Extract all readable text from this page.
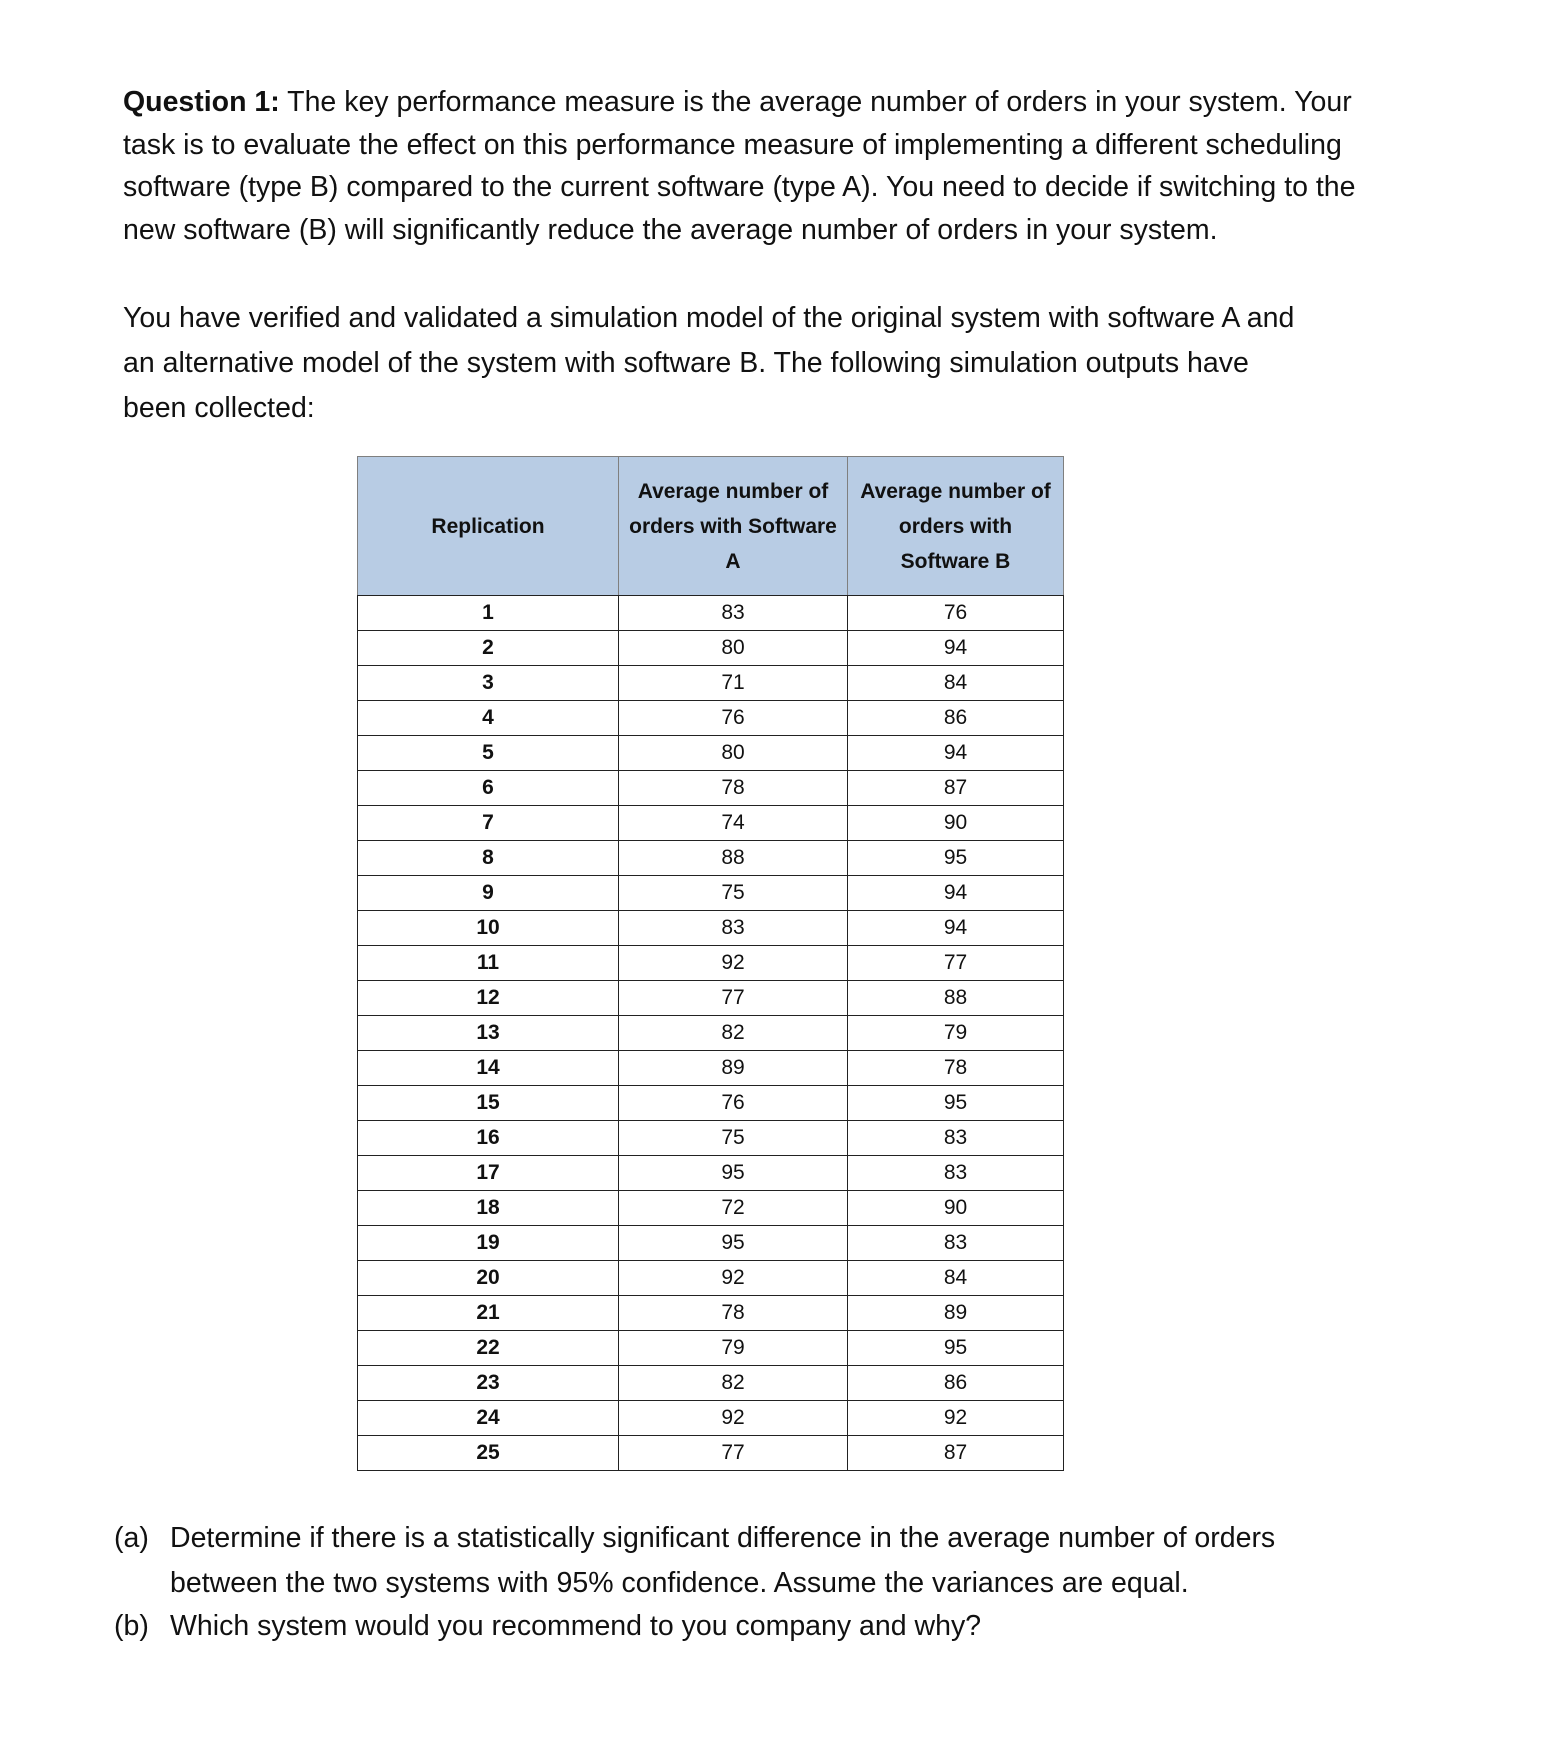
Question 1: The key performance measure is the average number of orders in your system. Your
task is to evaluate the effect on this performance measure of implementing a different scheduling
software (type B) compared to the current software (type A). You need to decide if switching to the
new software (B) will significantly reduce the average number of orders in your system.
You have verified and validated a simulation model of the original system with software A and
an alternative model of the system with software B. The following simulation outputs have
been collected:
Replication	Average number of orders with Software A	Average number of orders with Software B
1	83	76
2	80	94
3	71	84
4	76	86
5	80	94
6	78	87
7	74	90
8	88	95
9	75	94
10	83	94
11	92	77
12	77	88
13	82	79
14	89	78
15	76	95
16	75	83
17	95	83
18	72	90
19	95	83
20	92	84
21	78	89
22	79	95
23	82	86
24	92	92
25	77	87
(a) Determine if there is a statistically significant difference in the average number of orders
between the two systems with 95% confidence. Assume the variances are equal.
(b) Which system would you recommend to you company and why?
